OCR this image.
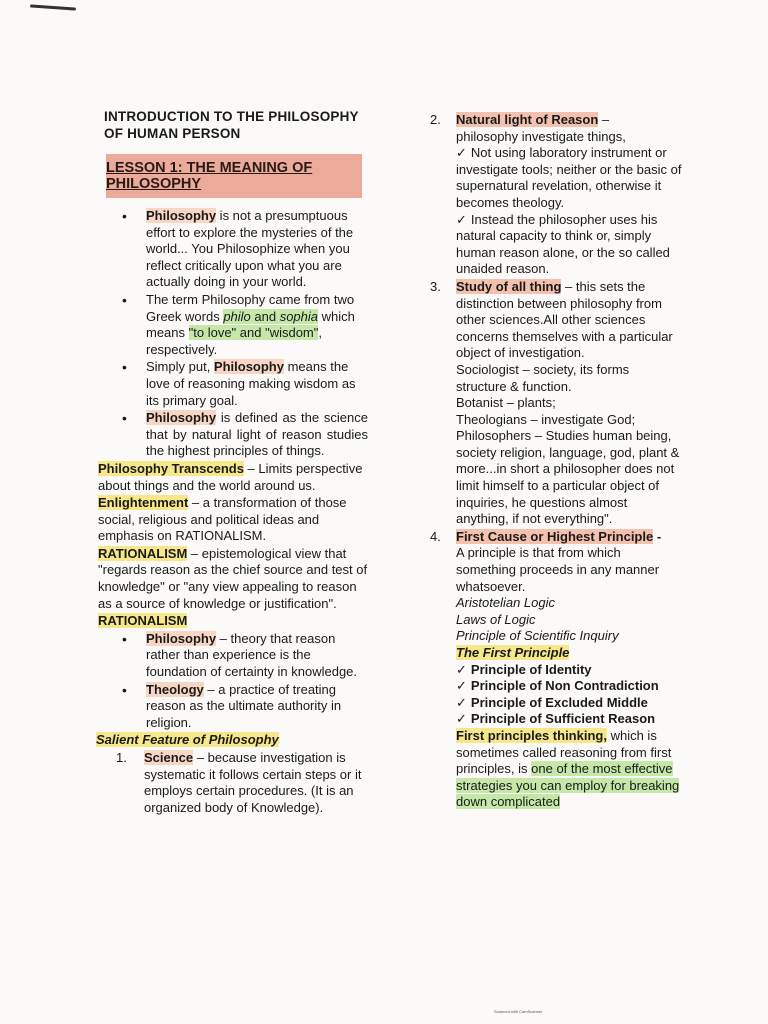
INTRODUCTION TO THE PHILOSOPHY
OF HUMAN PERSON
LESSON 1: THE MEANING OF PHILOSOPHY
• Philosophy is not a presumptuous effort to explore the mysteries of the world... You Philosophize when you reflect critically upon what you are actually doing in your world.
• The term Philosophy came from two Greek words philo and sophia which means "to love" and "wisdom", respectively.
• Simply put, Philosophy means the love of reasoning making wisdom as its primary goal.
• Philosophy is defined as the science that by natural light of reason studies the highest principles of things.
Philosophy Transcends – Limits perspective about things and the world around us.
Enlightenment – a transformation of those social, religious and political ideas and emphasis on RATIONALISM.
RATIONALISM – epistemological view that "regards reason as the chief source and test of knowledge" or "any view appealing to reason as a source of knowledge or justification".
RATIONALISM
• Philosophy – theory that reason rather than experience is the foundation of certainty in knowledge.
• Theology – a practice of treating reason as the ultimate authority in religion.
Salient Feature of Philosophy
1. Science – because investigation is systematic it follows certain steps or it employs certain procedures. (It is an organized body of Knowledge).
2. Natural light of Reason –
philosophy investigate things,
✓ Not using laboratory instrument or investigate tools; neither or the basic of supernatural revelation, otherwise it becomes theology.
✓ Instead the philosopher uses his natural capacity to think or, simply human reason alone, or the so called unaided reason.
3. Study of all thing – this sets the distinction between philosophy from other sciences.All other sciences concerns themselves with a particular
object of investigation.
Sociologist – society, its forms structure & function.
Botanist – plants;
Theologians – investigate God; Philosophers – Studies human being, society religion, language, god, plant & more...in short a philosopher does not limit himself to a particular object of inquiries, he questions almost anything, if not everything".
4. First Cause or Highest Principle -
A principle is that from which something proceeds in any manner whatsoever.
Aristotelian Logic
Laws of Logic
Principle of Scientific Inquiry
The First Principle
✓ Principle of Identity
✓ Principle of Non Contradiction
✓ Principle of Excluded Middle
✓ Principle of Sufficient Reason
First principles thinking, which is sometimes called reasoning from first principles, is one of the most effective strategies you can employ for breaking down complicated
Scanned with CamScanner
